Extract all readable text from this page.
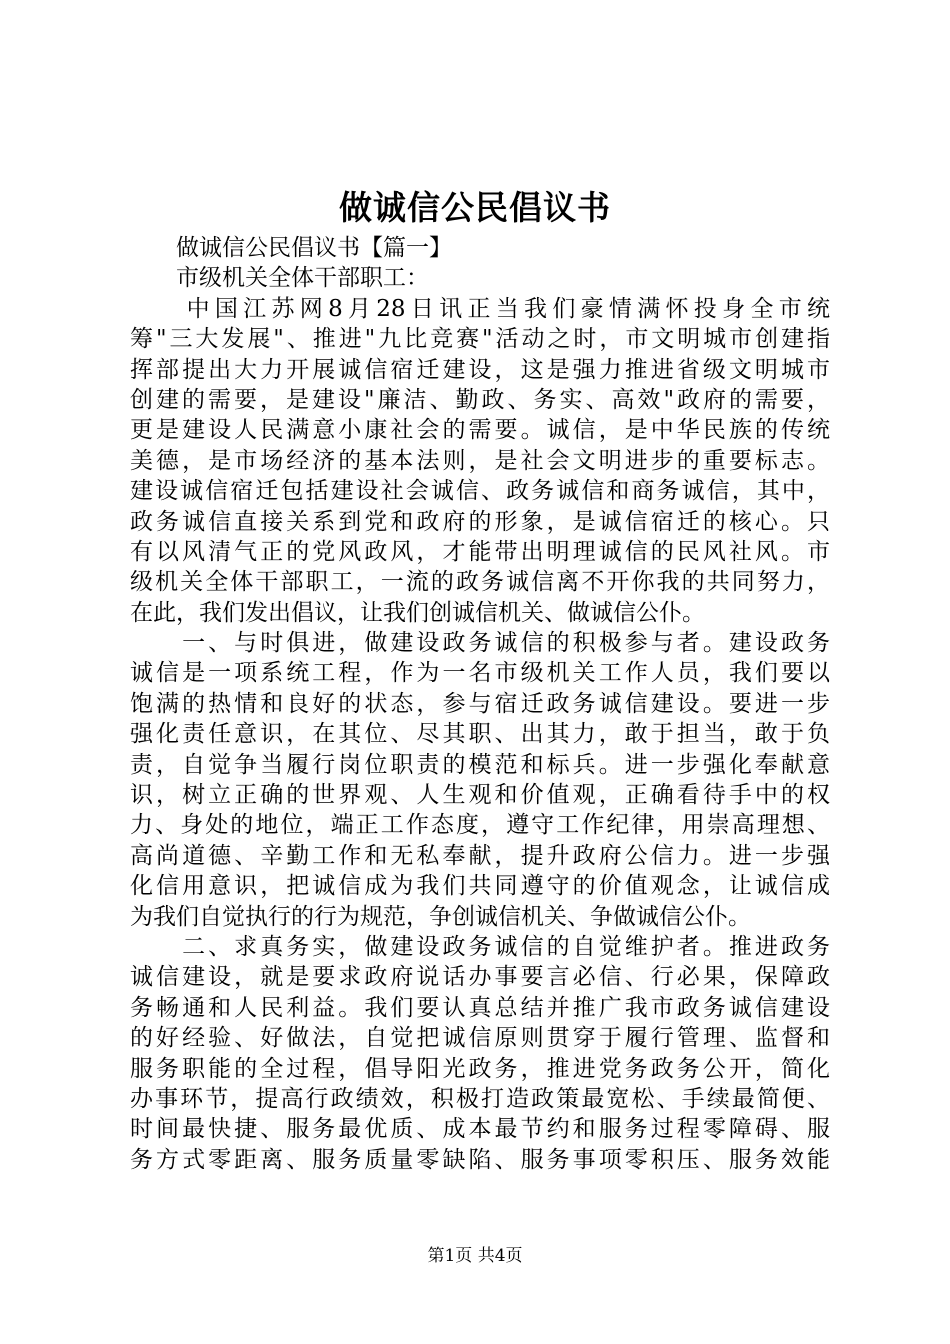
做诚信公民倡议书
　　做诚信公民倡议书【篇一】
　　市级机关全体干部职工：
　　中国江苏网8月28日讯正当我们豪情满怀投身全市统
筹"三大发展"、推进"九比竞赛"活动之时，市文明城市创建指
挥部提出大力开展诚信宿迁建设，这是强力推进省级文明城市
创建的需要，是建设"廉洁、勤政、务实、高效"政府的需要，
更是建设人民满意小康社会的需要。诚信，是中华民族的传统
美德，是市场经济的基本法则，是社会文明进步的重要标志。
建设诚信宿迁包括建设社会诚信、政务诚信和商务诚信，其中，
政务诚信直接关系到党和政府的形象，是诚信宿迁的核心。只
有以风清气正的党风政风，才能带出明理诚信的民风社风。市
级机关全体干部职工，一流的政务诚信离不开你我的共同努力，
在此，我们发出倡议，让我们创诚信机关、做诚信公仆。
　　一、与时俱进，做建设政务诚信的积极参与者。建设政务
诚信是一项系统工程，作为一名市级机关工作人员，我们要以
饱满的热情和良好的状态，参与宿迁政务诚信建设。要进一步
强化责任意识，在其位、尽其职、出其力，敢于担当，敢于负
责，自觉争当履行岗位职责的模范和标兵。进一步强化奉献意
识，树立正确的世界观、人生观和价值观，正确看待手中的权
力、身处的地位，端正工作态度，遵守工作纪律，用崇高理想、
高尚道德、辛勤工作和无私奉献，提升政府公信力。进一步强
化信用意识，把诚信成为我们共同遵守的价值观念，让诚信成
为我们自觉执行的行为规范，争创诚信机关、争做诚信公仆。
　　二、求真务实，做建设政务诚信的自觉维护者。推进政务
诚信建设，就是要求政府说话办事要言必信、行必果，保障政
务畅通和人民利益。我们要认真总结并推广我市政务诚信建设
的好经验、好做法，自觉把诚信原则贯穿于履行管理、监督和
服务职能的全过程，倡导阳光政务，推进党务政务公开，简化
办事环节，提高行政绩效，积极打造政策最宽松、手续最简便、
时间最快捷、服务最优质、成本最节约和服务过程零障碍、服
务方式零距离、服务质量零缺陷、服务事项零积压、服务效能
第1页 共4页
